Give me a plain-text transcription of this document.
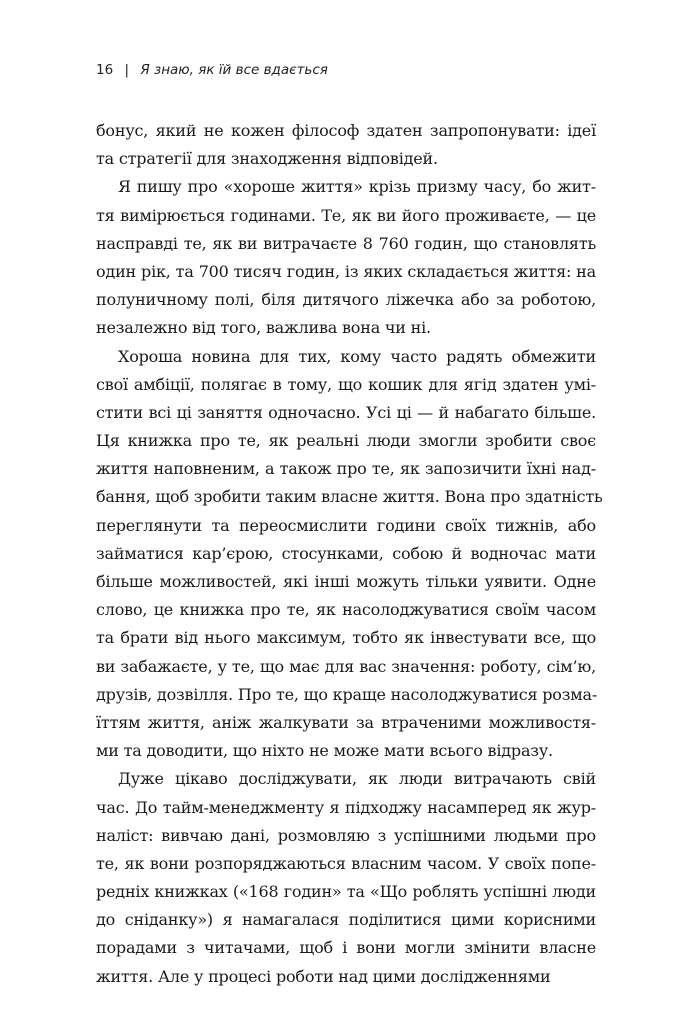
16 | Я знаю, як їй все вдається
бонус, який не кожен філософ здатен запропонувати: ідеї
та стратегії для знаходження відповідей.
Я пишу про «хороше життя» крізь призму часу, бо жит-
тя вимірюється годинами. Те, як ви його проживаєте, — це
насправді те, як ви витрачаєте 8 760 годин, що становлять
один рік, та 700 тисяч годин, із яких складається життя: на
полуничному полі, біля дитячого ліжечка або за роботою,
незалежно від того, важлива вона чи ні.
Хороша новина для тих, кому часто радять обмежити
свої амбіції, полягає в тому, що кошик для ягід здатен умі-
стити всі ці заняття одночасно. Усі ці — й набагато більше.
Ця книжка про те, як реальні люди змогли зробити своє
життя наповненим, а також про те, як запозичити їхні над-
бання, щоб зробити таким власне життя. Вона про здатність
переглянути та переосмислити години своїх тижнів, або
займатися кар’єрою, стосунками, собою й водночас мати
більше можливостей, які інші можуть тільки уявити. Одне
слово, це книжка про те, як насолоджуватися своїм часом
та брати від нього максимум, тобто як інвестувати все, що
ви забажаєте, у те, що має для вас значення: роботу, сім’ю,
друзів, дозвілля. Про те, що краще насолоджуватися розма-
їттям життя, аніж жалкувати за втраченими можливостя-
ми та доводити, що ніхто не може мати всього відразу.
Дуже цікаво досліджувати, як люди витрачають свій
час. До тайм-менеджменту я підходжу насамперед як жур-
наліст: вивчаю дані, розмовляю з успішними людьми про
те, як вони розпоряджаються власним часом. У своїх попе-
редніх книжках («168 годин» та «Що роблять успішні люди
до сніданку») я намагалася поділитися цими корисними
порадами з читачами, щоб і вони могли змінити власне
життя. Але у процесі роботи над цими дослідженнями
